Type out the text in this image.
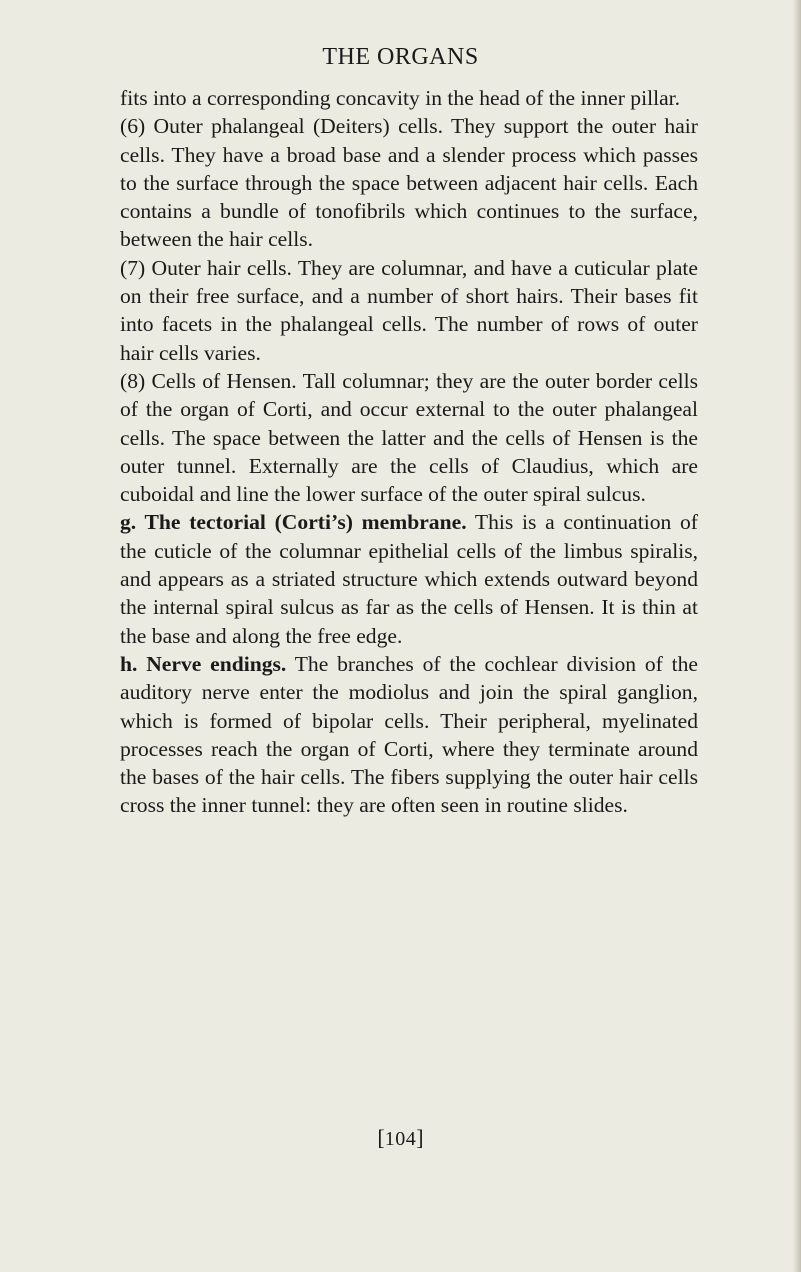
THE ORGANS

fits into a corresponding concavity in the head of the inner pillar.

(6) Outer phalangeal (Deiters) cells. They support the outer hair cells. They have a broad base and a slender process which passes to the surface through the space between adjacent hair cells. Each contains a bundle of tonofibrils which continues to the surface, between the hair cells.

(7) Outer hair cells. They are columnar, and have a cuticular plate on their free surface, and a number of short hairs. Their bases fit into facets in the phalangeal cells. The number of rows of outer hair cells varies.

(8) Cells of Hensen. Tall columnar; they are the outer border cells of the organ of Corti, and occur external to the outer phalangeal cells. The space between the latter and the cells of Hensen is the outer tunnel. Externally are the cells of Claudius, which are cuboidal and line the lower surface of the outer spiral sulcus.

g. The tectorial (Corti’s) membrane. This is a continuation of the cuticle of the columnar epithelial cells of the limbus spiralis, and appears as a striated structure which extends outward beyond the internal spiral sulcus as far as the cells of Hensen. It is thin at the base and along the free edge.

h. Nerve endings. The branches of the cochlear division of the auditory nerve enter the modiolus and join the spiral ganglion, which is formed of bipolar cells. Their peripheral, myelinated processes reach the organ of Corti, where they terminate around the bases of the hair cells. The fibers supplying the outer hair cells cross the inner tunnel: they are often seen in routine slides.

[104]
